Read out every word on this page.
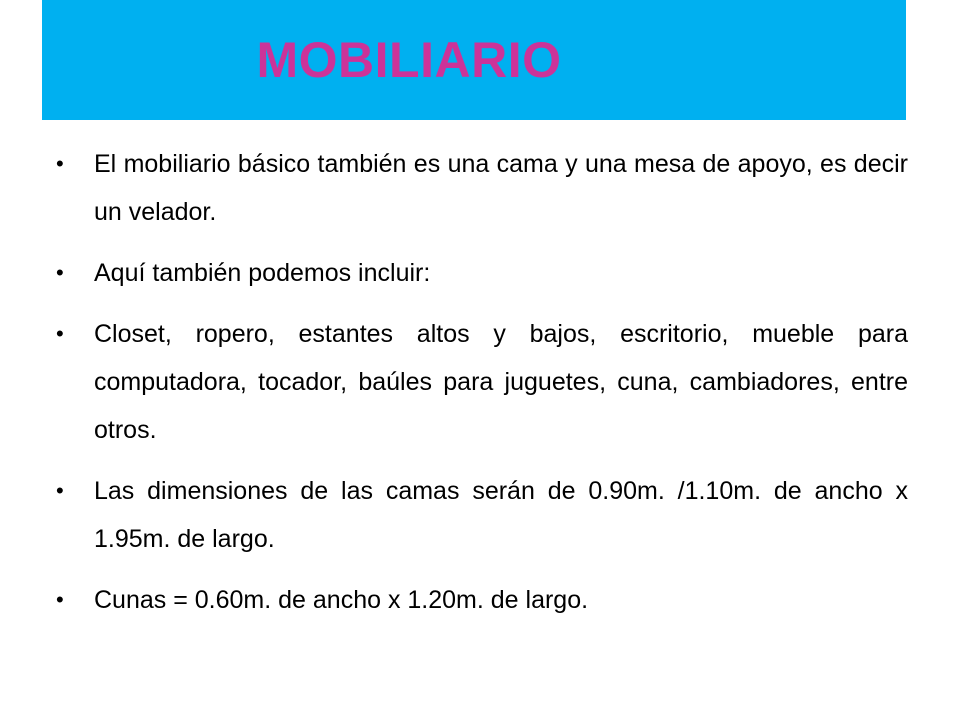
MOBILIARIO
• El mobiliario básico también es una cama y una mesa de apoyo, es decir un velador.
• Aquí también podemos incluir:
• Closet, ropero, estantes altos y bajos, escritorio, mueble para computadora, tocador, baúles para juguetes, cuna, cambiadores, entre otros.
• Las dimensiones de las camas serán de 0.90m. /1.10m. de ancho x 1.95m. de largo.
• Cunas = 0.60m. de ancho x 1.20m. de largo.
